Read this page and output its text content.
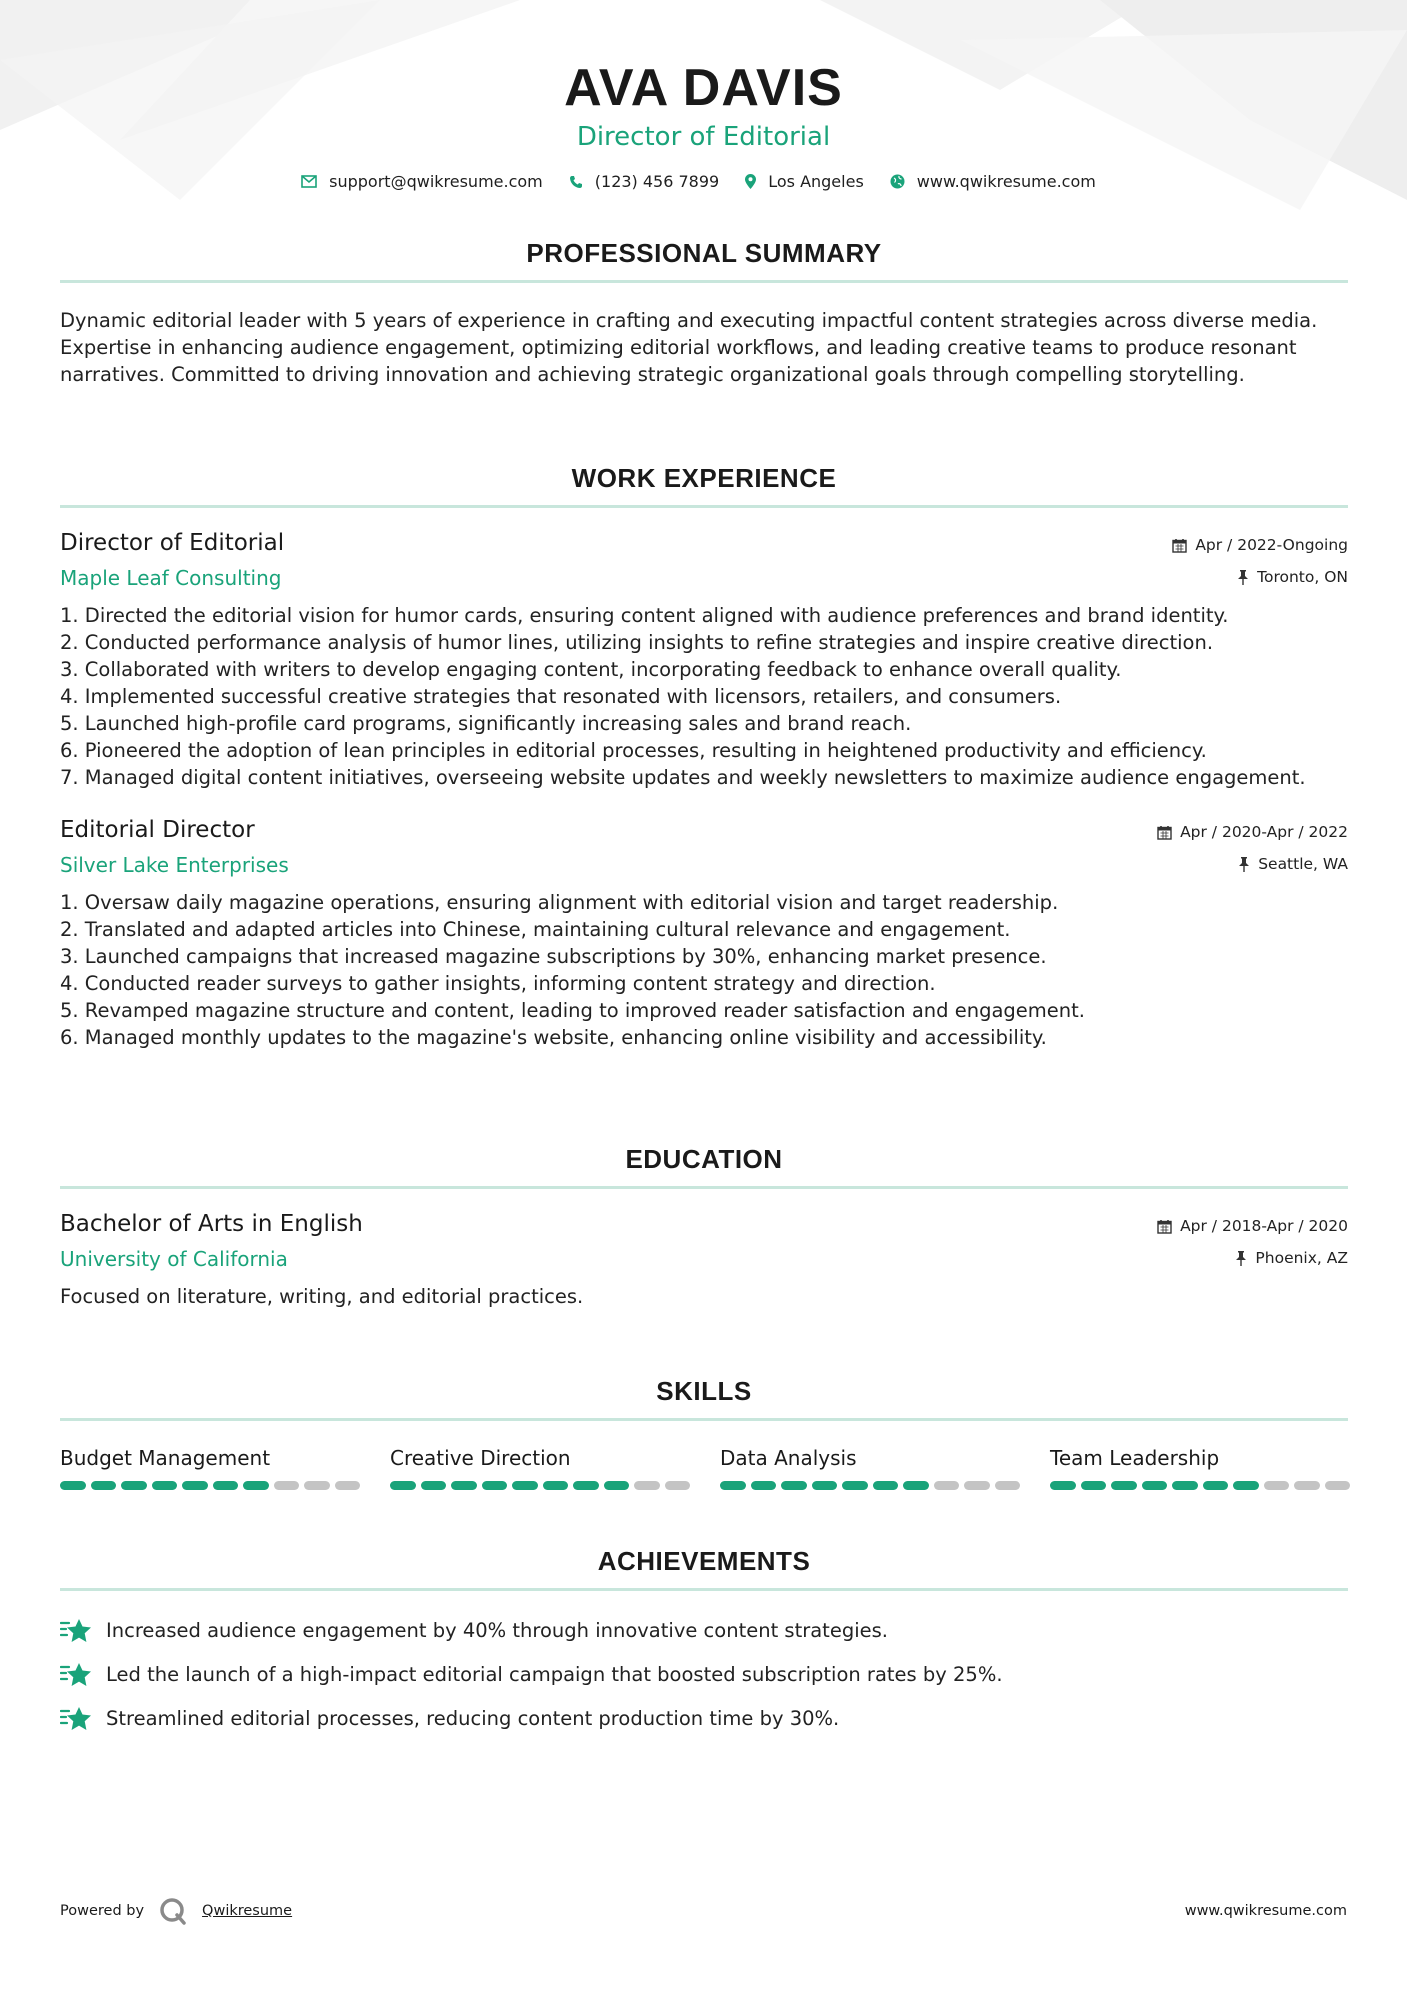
AVA DAVIS
Director of Editorial
support@qwikresume.com	(123) 456 7899	Los Angeles	www.qwikresume.com
PROFESSIONAL SUMMARY
Dynamic editorial leader with 5 years of experience in crafting and executing impactful content strategies across diverse media. Expertise in enhancing audience engagement, optimizing editorial workflows, and leading creative teams to produce resonant narratives. Committed to driving innovation and achieving strategic organizational goals through compelling storytelling.
WORK EXPERIENCE
Director of Editorial
Maple Leaf Consulting
Apr / 2022-Ongoing
Toronto, ON
1. Directed the editorial vision for humor cards, ensuring content aligned with audience preferences and brand identity.
2. Conducted performance analysis of humor lines, utilizing insights to refine strategies and inspire creative direction.
3. Collaborated with writers to develop engaging content, incorporating feedback to enhance overall quality.
4. Implemented successful creative strategies that resonated with licensors, retailers, and consumers.
5. Launched high-profile card programs, significantly increasing sales and brand reach.
6. Pioneered the adoption of lean principles in editorial processes, resulting in heightened productivity and efficiency.
7. Managed digital content initiatives, overseeing website updates and weekly newsletters to maximize audience engagement.
Editorial Director
Silver Lake Enterprises
Apr / 2020-Apr / 2022
Seattle, WA
1. Oversaw daily magazine operations, ensuring alignment with editorial vision and target readership.
2. Translated and adapted articles into Chinese, maintaining cultural relevance and engagement.
3. Launched campaigns that increased magazine subscriptions by 30%, enhancing market presence.
4. Conducted reader surveys to gather insights, informing content strategy and direction.
5. Revamped magazine structure and content, leading to improved reader satisfaction and engagement.
6. Managed monthly updates to the magazine's website, enhancing online visibility and accessibility.
EDUCATION
Bachelor of Arts in English
University of California
Apr / 2018-Apr / 2020
Phoenix, AZ
Focused on literature, writing, and editorial practices.
SKILLS
Budget Management	Creative Direction	Data Analysis	Team Leadership
ACHIEVEMENTS
Increased audience engagement by 40% through innovative content strategies.
Led the launch of a high-impact editorial campaign that boosted subscription rates by 25%.
Streamlined editorial processes, reducing content production time by 30%.
Powered by	Qwikresume	www.qwikresume.com
